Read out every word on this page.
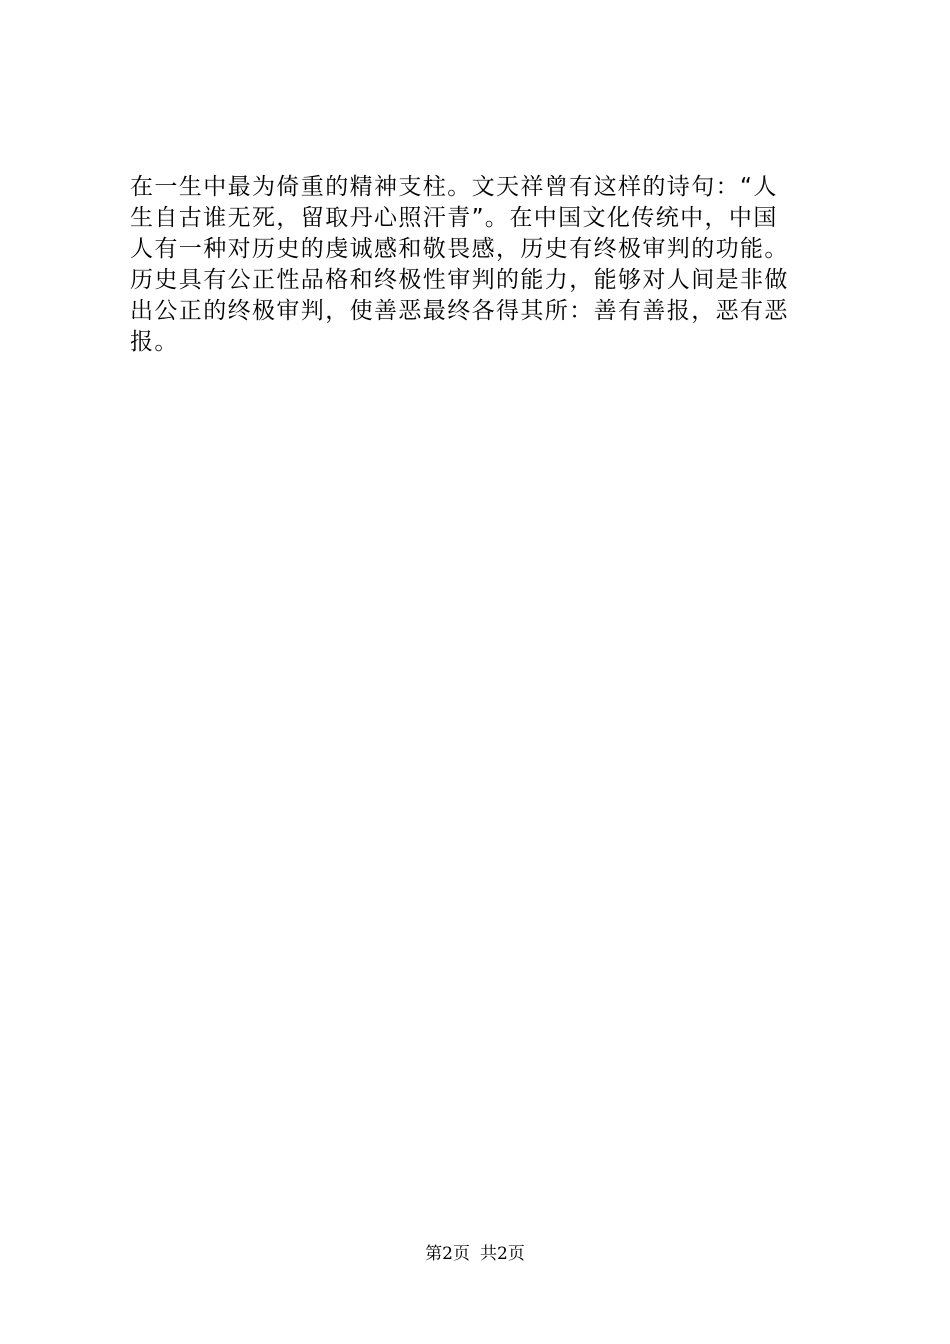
在一生中最为倚重的精神支柱。文天祥曾有这样的诗句：“人
生自古谁无死，留取丹心照汗青”。在中国文化传统中，中国
人有一种对历史的虔诚感和敬畏感，历史有终极审判的功能。
历史具有公正性品格和终极性审判的能力，能够对人间是非做
出公正的终极审判，使善恶最终各得其所：善有善报，恶有恶
报。
第2页 共2页
